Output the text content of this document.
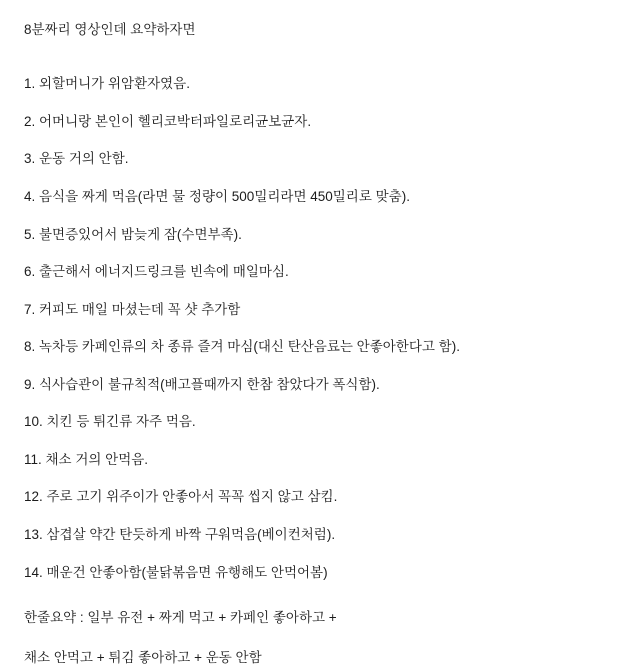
8분짜리 영상인데 요약하자면

1. 외할머니가 위암환자였음.
2. 어머니랑 본인이 헬리코박터파일로리균보균자.
3. 운동 거의 안함.
4. 음식을 짜게 먹음(라면 물 정량이 500밀리라면 450밀리로 맞춤).
5. 불면증있어서 밤늦게 잠(수면부족).
6. 출근해서 에너지드링크를 빈속에 매일마심.
7. 커피도 매일 마셨는데 꼭 샷 추가함
8. 녹차등 카페인류의 차 종류 즐겨 마심(대신 탄산음료는 안좋아한다고 함).
9. 식사습관이 불규칙적(배고플때까지 한참 참았다가 폭식함).
10. 치킨 등 튀긴류 자주 먹음.
11. 채소 거의 안먹음.
12. 주로 고기 위주이가 안좋아서 꼭꼭 씹지 않고 삼킴.
13. 삼겹살 약간 탄듯하게 바짝 구워먹음(베이컨처럼).
14. 매운건 안좋아함(불닭볶음면 유행해도 안먹어봄)

한줄요약 : 일부 유전 + 짜게 먹고 + 카페인 좋아하고 +

채소 안먹고 + 튀김 좋아하고 + 운동 안함
